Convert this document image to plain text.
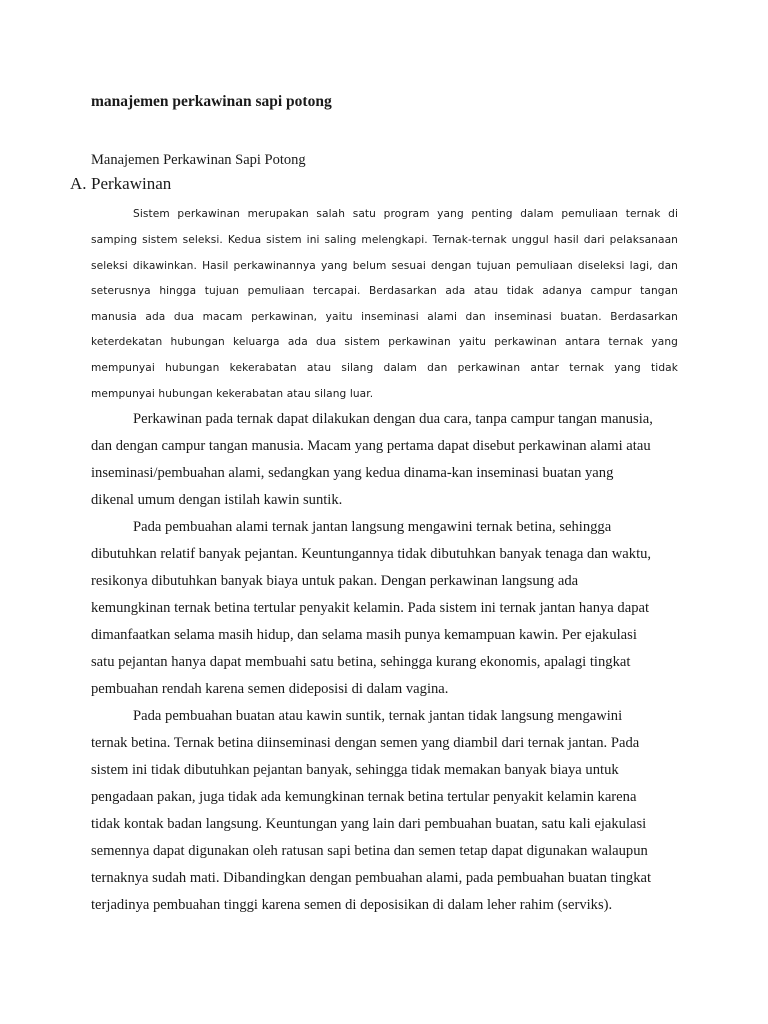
manajemen perkawinan sapi potong
Manajemen Perkawinan Sapi Potong
A. Perkawinan
Sistem perkawinan merupakan salah satu program yang penting dalam pemuliaan ternak di
samping sistem seleksi. Kedua sistem ini saling melengkapi. Ternak-ternak unggul hasil dari pelaksanaan
seleksi dikawinkan. Hasil perkawinannya yang belum sesuai dengan tujuan pemuliaan diseleksi lagi, dan
seterusnya hingga tujuan pemuliaan tercapai. Berdasarkan ada atau tidak adanya campur tangan
manusia ada dua macam perkawinan, yaitu inseminasi alami dan inseminasi buatan. Berdasarkan
keterdekatan hubungan keluarga ada dua sistem perkawinan yaitu perkawinan antara ternak yang
mempunyai hubungan kekerabatan atau silang dalam dan perkawinan antar ternak yang tidak
mempunyai hubungan kekerabatan atau silang luar.
Perkawinan pada ternak dapat dilakukan dengan dua cara, tanpa campur tangan manusia,
dan dengan campur tangan manusia. Macam yang pertama dapat disebut perkawinan alami atau
inseminasi/pembuahan alami, sedangkan yang kedua dinama-kan inseminasi buatan yang
dikenal umum dengan istilah kawin suntik.
Pada pembuahan alami ternak jantan langsung mengawini ternak betina, sehingga
dibutuhkan relatif banyak pejantan. Keuntungannya tidak dibutuhkan banyak tenaga dan waktu,
resikonya dibutuhkan banyak biaya untuk pakan. Dengan perkawinan langsung ada
kemungkinan ternak betina tertular penyakit kelamin. Pada sistem ini ternak jantan hanya dapat
dimanfaatkan selama masih hidup, dan selama masih punya kemampuan kawin. Per ejakulasi
satu pejantan hanya dapat membuahi satu betina, sehingga kurang ekonomis, apalagi tingkat
pembuahan rendah karena semen dideposisi di dalam vagina.
Pada pembuahan buatan atau kawin suntik, ternak jantan tidak langsung mengawini
ternak betina. Ternak betina diinseminasi dengan semen yang diambil dari ternak jantan. Pada
sistem ini tidak dibutuhkan pejantan banyak, sehingga tidak memakan banyak biaya untuk
pengadaan pakan, juga tidak ada kemungkinan ternak betina tertular penyakit kelamin karena
tidak kontak badan langsung. Keuntungan yang lain dari pembuahan buatan, satu kali ejakulasi
semennya dapat digunakan oleh ratusan sapi betina dan semen tetap dapat digunakan walaupun
ternaknya sudah mati. Dibandingkan dengan pembuahan alami, pada pembuahan buatan tingkat
terjadinya pembuahan tinggi karena semen di deposisikan di dalam leher rahim (serviks).
